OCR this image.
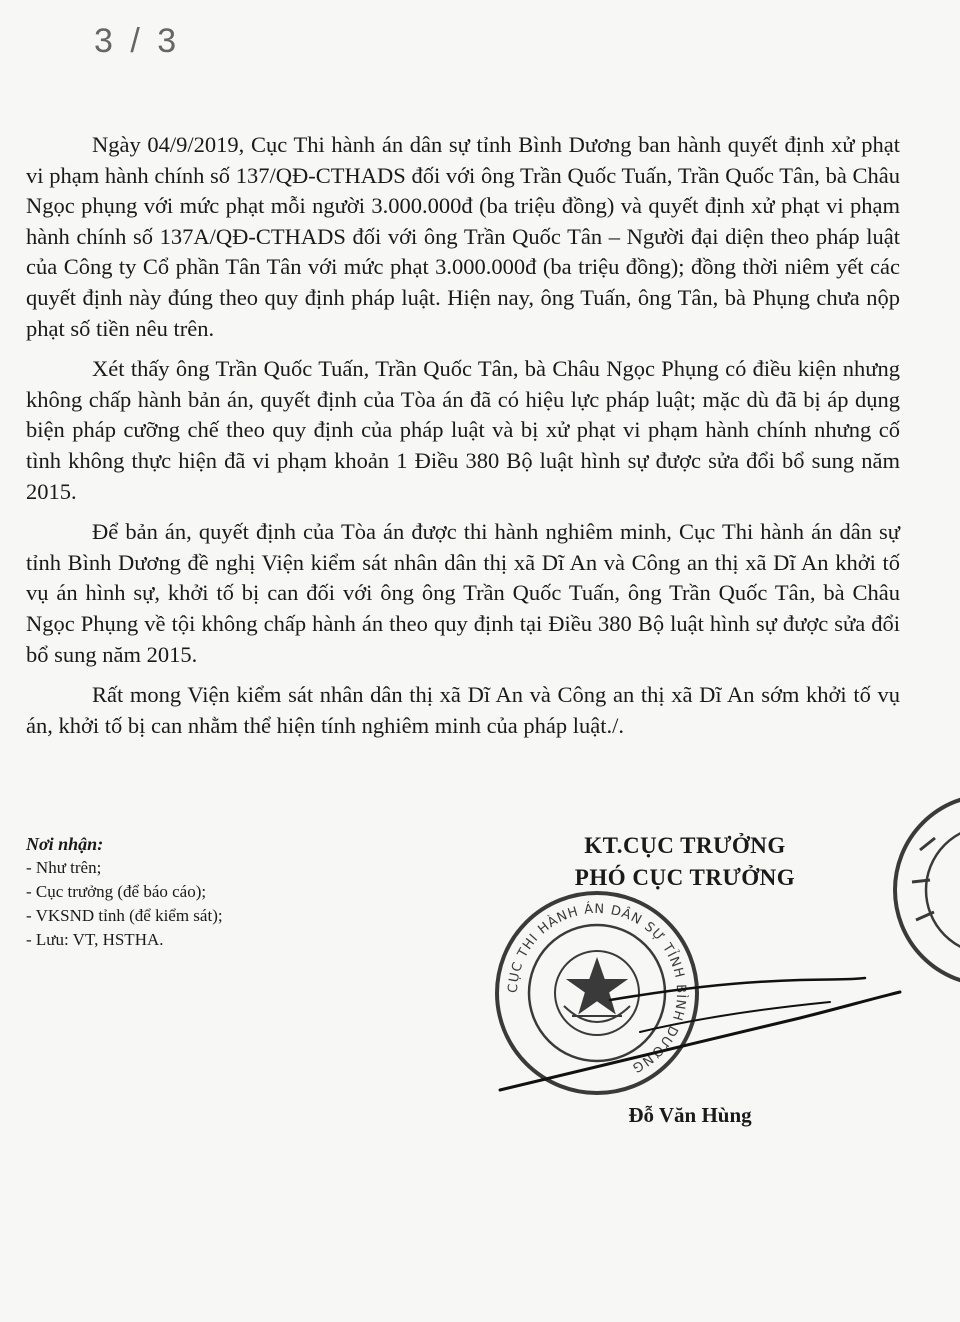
3 / 3

Ngày 04/9/2019, Cục Thi hành án dân sự tỉnh Bình Dương ban hành quyết định xử phạt vi phạm hành chính số 137/QĐ-CTHADS đối với ông Trần Quốc Tuấn, Trần Quốc Tân, bà Châu Ngọc phụng với mức phạt mỗi người 3.000.000đ (ba triệu đồng) và quyết định xử phạt vi phạm hành chính số 137A/QĐ-CTHADS đối với ông Trần Quốc Tân – Người đại diện theo pháp luật của Công ty Cổ phần Tân Tân với mức phạt 3.000.000đ (ba triệu đồng); đồng thời niêm yết các quyết định này đúng theo quy định pháp luật. Hiện nay, ông Tuấn, ông Tân, bà Phụng chưa nộp phạt số tiền nêu trên.

Xét thấy ông Trần Quốc Tuấn, Trần Quốc Tân, bà Châu Ngọc Phụng có điều kiện nhưng không chấp hành bản án, quyết định của Tòa án đã có hiệu lực pháp luật; mặc dù đã bị áp dụng biện pháp cưỡng chế theo quy định của pháp luật và bị xử phạt vi phạm hành chính nhưng cố tình không thực hiện đã vi phạm khoản 1 Điều 380 Bộ luật hình sự được sửa đổi bổ sung năm 2015.

Để bản án, quyết định của Tòa án được thi hành nghiêm minh, Cục Thi hành án dân sự tỉnh Bình Dương đề nghị Viện kiểm sát nhân dân thị xã Dĩ An và Công an thị xã Dĩ An khởi tố vụ án hình sự, khởi tố bị can đối với ông ông Trần Quốc Tuấn, ông Trần Quốc Tân, bà Châu Ngọc Phụng về tội không chấp hành án theo quy định tại Điều 380 Bộ luật hình sự được sửa đổi bổ sung năm 2015.

Rất mong Viện kiểm sát nhân dân thị xã Dĩ An và Công an thị xã Dĩ An sớm khởi tố vụ án, khởi tố bị can nhằm thể hiện tính nghiêm minh của pháp luật./.

Nơi nhận:
- Như trên;
- Cục trưởng (để báo cáo);
- VKSND tỉnh (để kiểm sát);
- Lưu: VT, HSTHA.
KT.CỤC TRƯỞNG
PHÓ CỤC TRƯỞNG
CỤC THI HÀNH ÁN DÂN SỰ TỈNH BÌNH DƯƠNG
Đỗ Văn Hùng
